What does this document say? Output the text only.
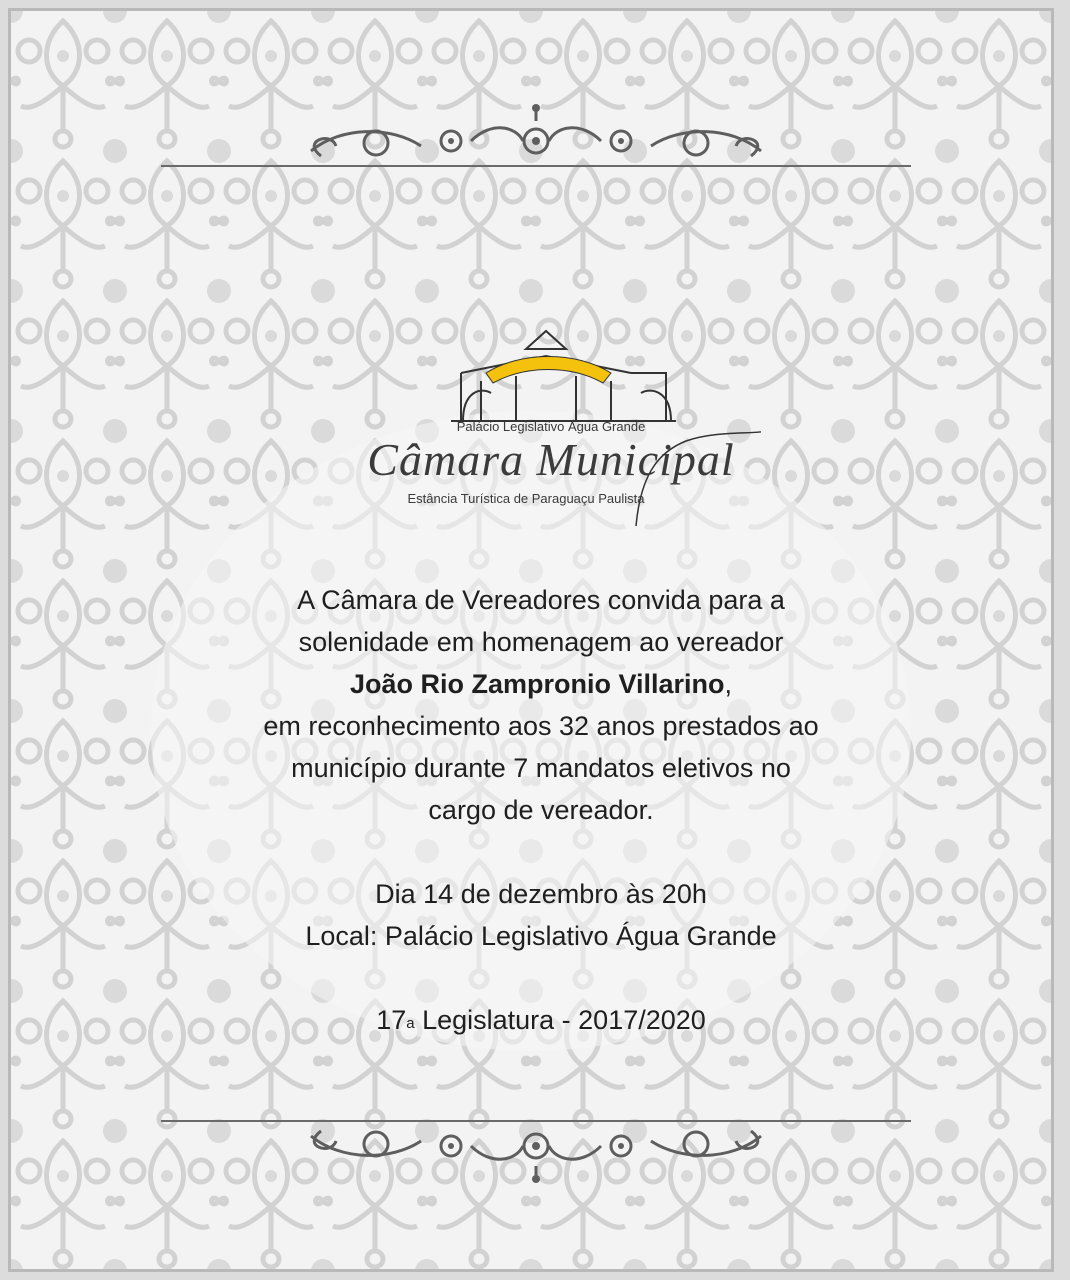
Palácio Legislativo Água Grande
Câmara Municipal
Estância Turística de Paraguaçu Paulista
A Câmara de Vereadores convida para a
solenidade em homenagem ao vereador
João Rio Zampronio Villarino,
em reconhecimento aos 32 anos prestados ao
município durante 7 mandatos eletivos no
cargo de vereador.
Dia 14 de dezembro às 20h
Local: Palácio Legislativo Água Grande
17$^a$ Legislatura - 2017/2020
